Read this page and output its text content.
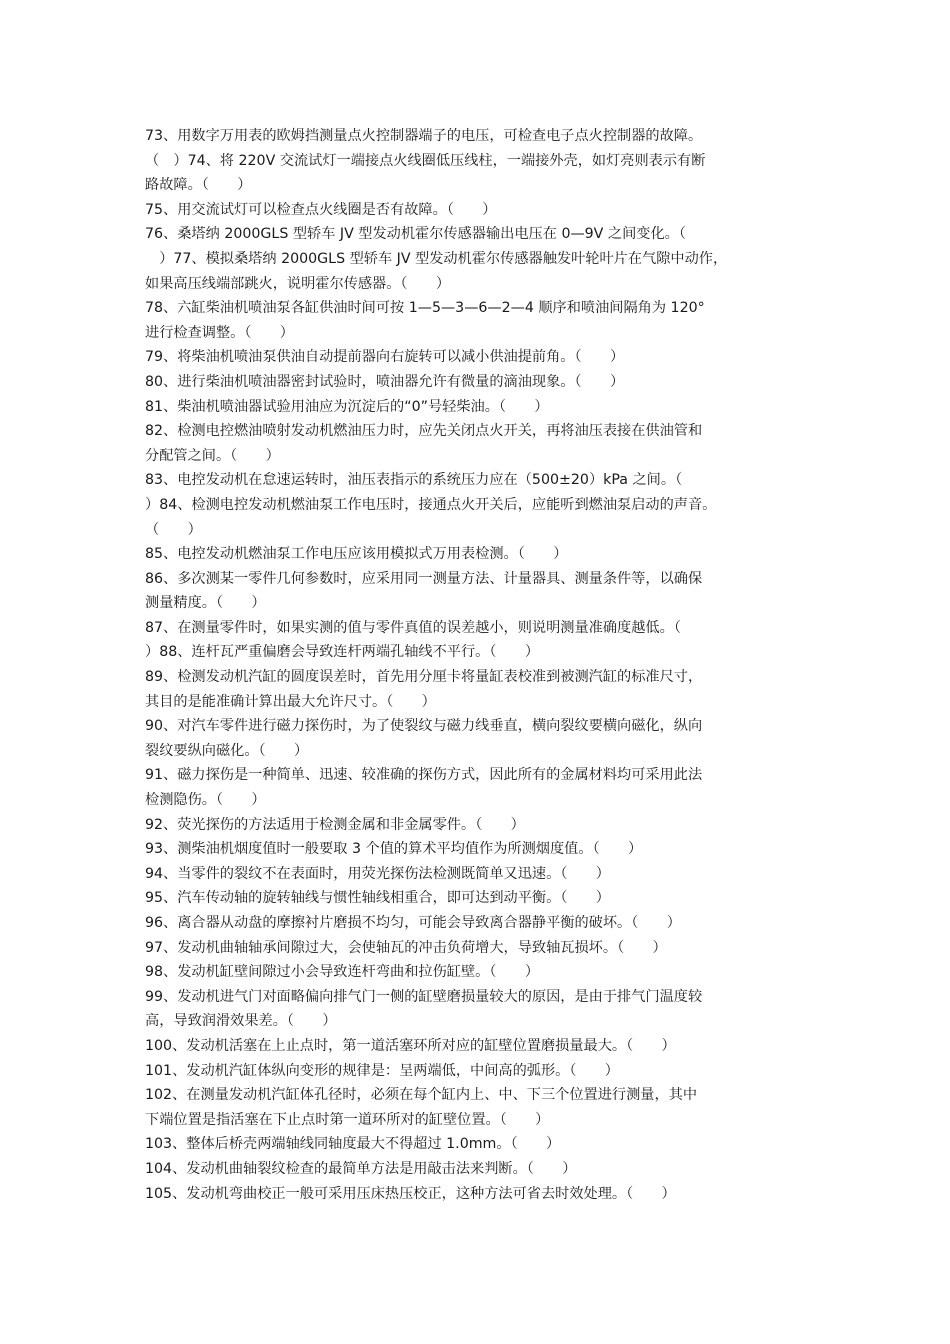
73、用数字万用表的欧姆挡测量点火控制器端子的电压，可检查电子点火控制器的故障。
（　）74、将 220V 交流试灯一端接点火线圈低压线柱，一端接外壳，如灯亮则表示有断
路故障。（　　）
75、用交流试灯可以检查点火线圈是否有故障。（　　）
76、桑塔纳 2000GLS 型轿车 JV 型发动机霍尔传感器输出电压在 0—9V 之间变化。（
　）77、模拟桑塔纳 2000GLS 型轿车 JV 型发动机霍尔传感器触发叶轮叶片在气隙中动作，
如果高压线端部跳火，说明霍尔传感器。（　　）
78、六缸柴油机喷油泵各缸供油时间可按 1—5—3—6—2—4 顺序和喷油间隔角为 120°
进行检查调整。（　　）
79、将柴油机喷油泵供油自动提前器向右旋转可以减小供油提前角。（　　）
80、进行柴油机喷油器密封试验时，喷油器允许有微量的滴油现象。（　　）
81、柴油机喷油器试验用油应为沉淀后的“0”号轻柴油。（　　）
82、检测电控燃油喷射发动机燃油压力时，应先关闭点火开关，再将油压表接在供油管和
分配管之间。（　　）
83、电控发动机在怠速运转时，油压表指示的系统压力应在（500±20）kPa 之间。（
）84、检测电控发动机燃油泵工作电压时，接通点火开关后，应能听到燃油泵启动的声音。
（　　）
85、电控发动机燃油泵工作电压应该用模拟式万用表检测。（　　）
86、多次测某一零件几何参数时，应采用同一测量方法、计量器具、测量条件等，以确保
测量精度。（　　）
87、在测量零件时，如果实测的值与零件真值的误差越小，则说明测量准确度越低。（
）88、连杆瓦严重偏磨会导致连杆两端孔轴线不平行。（　　）
89、检测发动机汽缸的圆度误差时，首先用分厘卡将量缸表校准到被测汽缸的标准尺寸，
其目的是能准确计算出最大允许尺寸。（　　）
90、对汽车零件进行磁力探伤时，为了使裂纹与磁力线垂直，横向裂纹要横向磁化，纵向
裂纹要纵向磁化。（　　）
91、磁力探伤是一种简单、迅速、较准确的探伤方式，因此所有的金属材料均可采用此法
检测隐伤。（　　）
92、荧光探伤的方法适用于检测金属和非金属零件。（　　）
93、测柴油机烟度值时一般要取 3 个值的算术平均值作为所测烟度值。（　　）
94、当零件的裂纹不在表面时，用荧光探伤法检测既简单又迅速。（　　）
95、汽车传动轴的旋转轴线与惯性轴线相重合，即可达到动平衡。（　　）
96、离合器从动盘的摩擦衬片磨损不均匀，可能会导致离合器静平衡的破坏。（　　）
97、发动机曲轴轴承间隙过大，会使轴瓦的冲击负荷增大，导致轴瓦损坏。（　　）
98、发动机缸壁间隙过小会导致连杆弯曲和拉伤缸壁。（　　）
99、发动机进气门对面略偏向排气门一侧的缸壁磨损量较大的原因，是由于排气门温度较
高，导致润滑效果差。（　　）
100、发动机活塞在上止点时，第一道活塞环所对应的缸壁位置磨损量最大。（　　）
101、发动机汽缸体纵向变形的规律是：呈两端低，中间高的弧形。（　　）
102、在测量发动机汽缸体孔径时，必须在每个缸内上、中、下三个位置进行测量，其中
下端位置是指活塞在下止点时第一道环所对的缸壁位置。（　　）
103、整体后桥壳两端轴线同轴度最大不得超过 1.0mm。（　　）
104、发动机曲轴裂纹检查的最简单方法是用敲击法来判断。（　　）
105、发动机弯曲校正一般可采用压床热压校正，这种方法可省去时效处理。（　　）
